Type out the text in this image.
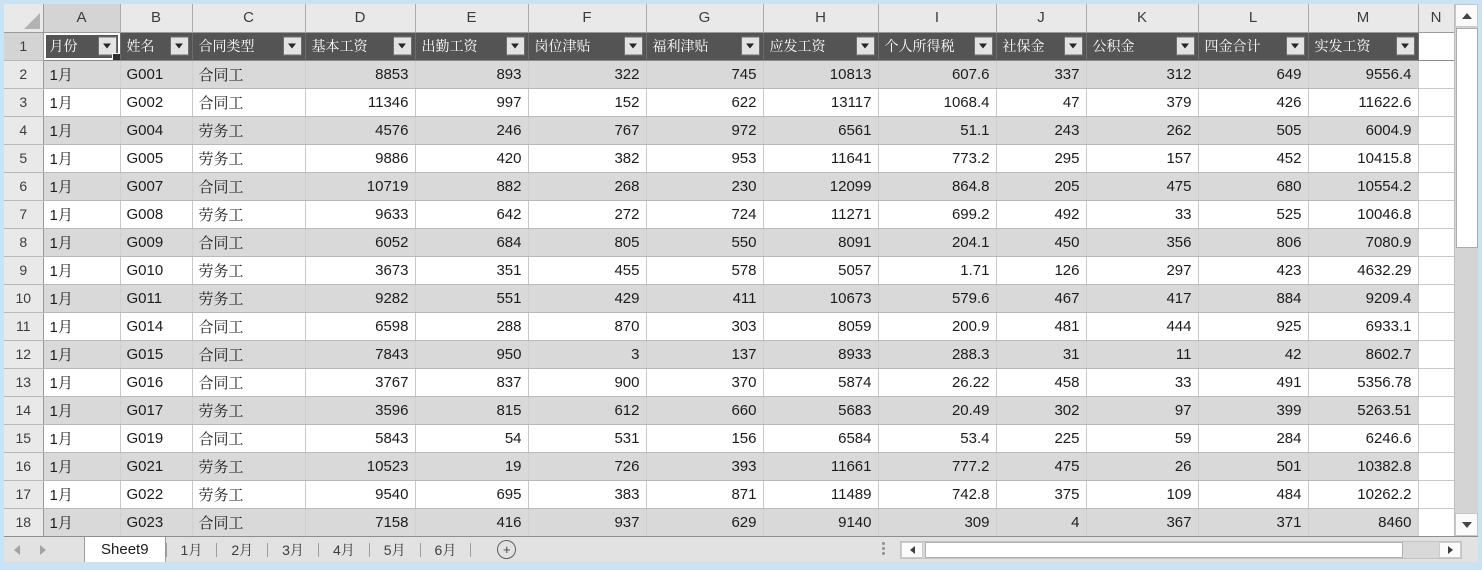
	A	B	C	D	E	F	G	H	I	J	K	L	M	N
1	月份	姓名	合同类型	基本工资	出勤工资	岗位津贴	福利津贴	应发工资	个人所得税	社保金	公积金	四金合计	实发工资

2	1月	G001	合同工	8853	893	322	745	10813	607.6	337	312	649	9556.4	
3	1月	G002	合同工	11346	997	152	622	13117	1068.4	47	379	426	11622.6	
4	1月	G004	劳务工	4576	246	767	972	6561	51.1	243	262	505	6004.9	
5	1月	G005	劳务工	9886	420	382	953	11641	773.2	295	157	452	10415.8	
6	1月	G007	合同工	10719	882	268	230	12099	864.8	205	475	680	10554.2	
7	1月	G008	劳务工	9633	642	272	724	11271	699.2	492	33	525	10046.8	
8	1月	G009	合同工	6052	684	805	550	8091	204.1	450	356	806	7080.9	
9	1月	G010	劳务工	3673	351	455	578	5057	1.71	126	297	423	4632.29	
10	1月	G011	劳务工	9282	551	429	411	10673	579.6	467	417	884	9209.4	
11	1月	G014	合同工	6598	288	870	303	8059	200.9	481	444	925	6933.1	
12	1月	G015	合同工	7843	950	3	137	8933	288.3	31	11	42	8602.7	
13	1月	G016	合同工	3767	837	900	370	5874	26.22	458	33	491	5356.78	
14	1月	G017	劳务工	3596	815	612	660	5683	20.49	302	97	399	5263.51	
15	1月	G019	合同工	5843	54	531	156	6584	53.4	225	59	284	6246.6	
16	1月	G021	劳务工	10523	19	726	393	11661	777.2	475	26	501	10382.8	
17	1月	G022	劳务工	9540	695	383	871	11489	742.8	375	109	484	10262.2	
18	1月	G023	合同工	7158	416	937	629	9140	309	4	367	371	8460	
Sheet9	1月	2月	3月	4月	5月	6月	+
